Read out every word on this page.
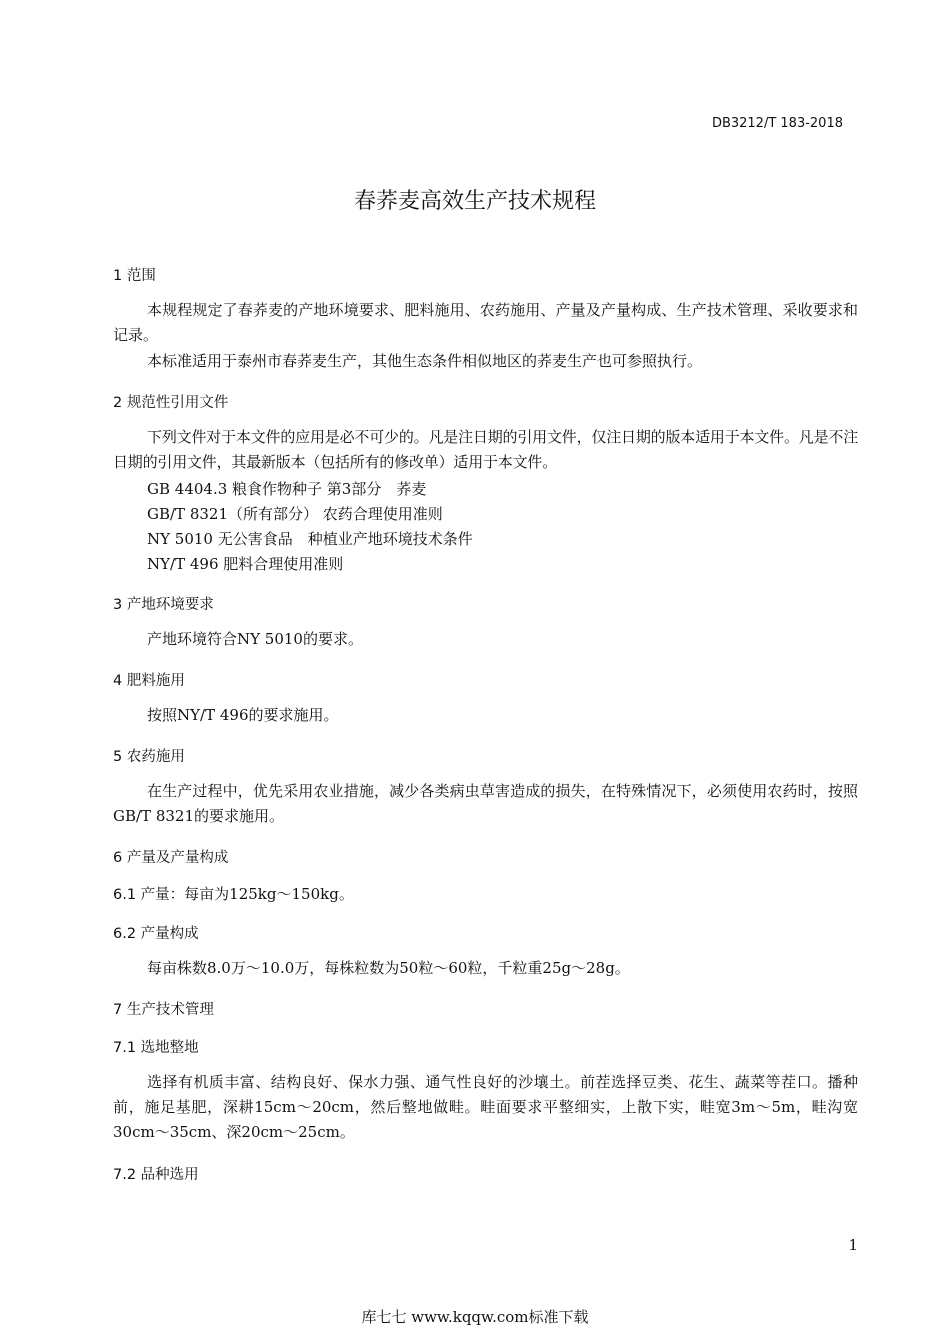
DB3212/T 183-2018
春荞麦高效生产技术规程
1 范围
本规程规定了春荞麦的产地环境要求、肥料施用、农药施用、产量及产量构成、生产技术管理、采收要求和记录。
本标准适用于泰州市春荞麦生产，其他生态条件相似地区的荞麦生产也可参照执行。
2 规范性引用文件
下列文件对于本文件的应用是必不可少的。凡是注日期的引用文件，仅注日期的版本适用于本文件。凡是不注日期的引用文件，其最新版本（包括所有的修改单）适用于本文件。
GB 4404.3 粮食作物种子 第3部分　荞麦
GB/T 8321（所有部分） 农药合理使用准则
NY 5010 无公害食品　种植业产地环境技术条件
NY/T 496 肥料合理使用准则
3 产地环境要求
产地环境符合NY 5010的要求。
4 肥料施用
按照NY/T 496的要求施用。
5 农药施用
在生产过程中，优先采用农业措施，减少各类病虫草害造成的损失，在特殊情况下，必须使用农药时，按照GB/T 8321的要求施用。
6 产量及产量构成
6.1 产量：每亩为125kg～150kg。
6.2 产量构成
每亩株数8.0万～10.0万，每株粒数为50粒～60粒，千粒重25g～28g。
7 生产技术管理
7.1 选地整地
选择有机质丰富、结构良好、保水力强、通气性良好的沙壤土。前茬选择豆类、花生、蔬菜等茬口。播种前，施足基肥，深耕15cm～20cm，然后整地做畦。畦面要求平整细实，上散下实，畦宽3m～5m，畦沟宽30cm～35cm、深20cm～25cm。
7.2 品种选用
1
库七七 www.kqqw.com标准下载
